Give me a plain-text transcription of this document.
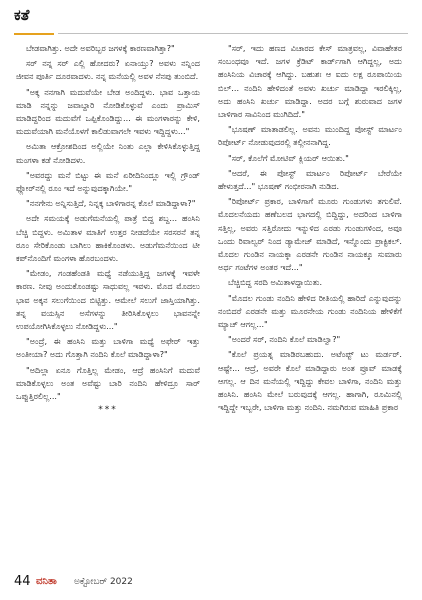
ಕತೆ

ಬೇಡವಾಗಿತ್ತು. ಅದೇ ಅವರಿಬ್ಬರ ಜಗಳಕ್ಕೆ ಕಾರಣವಾಗಿತ್ತಾ?"

ಸರ್ ನನ್ನ ಸರ್ ಎಲ್ಲಿ ಹೋದರು? ಏನಾಯ್ತು? ಅವಳು ನನ್ನಿಂದ ಜೀವನ ಪೂರ್ತಿ ದೂರವಾದಳು. ನನ್ನ ಮನೆಯಲ್ಲಿ ಅವಳ ನೆನಪು ತುಂಬಿದೆ.

"ಅಕ್ಕ ನನಗಾಗಿ ಮದುವೆಯೇ ಬೇಡ ಅಂದಿದ್ದಳು. ಭಾವ ಒತ್ತಾಯ ಮಾಡಿ ನನ್ನನ್ನು ಜವಾಬ್ದಾರಿ ನೋಡಿಕೊಳ್ಳುವೆ ಎಂದು ಪ್ರಾಮಿಸ್ ಮಾಡಿದ್ದರಿಂದ ಮದುವೆಗೆ ಒಪ್ಪಿಕೊಂಡಿದ್ದು... ಈ ಮಂಗಳಾರನ್ನು ಕೇಳಿ, ಮದುವೆಯಾಗಿ ಮನೆಯೊಳಗೆ ಕಾಲಿಡುವಾಗಲೇ ಇವಳು ಇದ್ದಿದ್ದಳು..."

ಅಮಿತಾ ಆಕ್ರೋಶದಿಂದ ಅಲ್ಲಿಯೇ ನಿಂತು ಎಲ್ಲಾ ಕೇಳಿಸಿಕೊಳ್ಳುತ್ತಿದ್ದ ಮಂಗಳಾ ಕಡೆ ನೋಡಿದಳು.

"ಅವರದ್ದು ಮನೆ ಬಿಟ್ಟು ಈ ಮನೆ ಏರೀದಿನಿಂದ್ಲೂ ಇಲ್ಲಿ ಗ್ರೌಂಡ್ ಫ್ಲೋರ್‌ನಲ್ಲಿ ರೂಂ ಇದೆ ಅನ್ನುವುದಕ್ಕಾಗಿಯೇ."

"ನನಗೇನು ಅನ್ನಿಸುತ್ತಿದೆ, ನಿನ್ನಕ್ಕ ಬಾಳಿಗಾರನ್ನ ಕೊಲೆ ಮಾಡಿದ್ದಾಳಾ?"

ಅದೇ ಸಮಯಕ್ಕೆ ಅಡುಗೆಮನೆಯಲ್ಲಿ ಪಾತ್ರೆ ಬಿದ್ದ ಶಬ್ದ... ಹಂಸಿನಿ ಬೆಚ್ಚಿ ಬಿದ್ದಳು. ಅಮಿತಾಳ ಮಾತಿಗೆ ಉತ್ತರ ನೀಡದೆಯೇ ಸರಸರನೆ ತನ್ನ ರೂಂ ಸೇರಿಕೊಂಡು ಬಾಗಿಲು ಹಾಕಿಕೊಂಡಳು. ಅಡುಗೆಮನೆಯಿಂದ ಟೀ ಕಪ್‌ನೊಂದಿಗೆ ಮಂಗಳಾ ಹೊರಬಂದಳು.

"ಮೇಡಂ, ಗಂಡಹೆಂಡತಿ ಮಧ್ಯೆ ನಡೆಯುತ್ತಿದ್ದ ಜಗಳಕ್ಕೆ ಇವಳೇ ಕಾರಣ. ನೀವು ಅಂದುಕೊಂಡಷ್ಟು ಸಾಧುವಲ್ಲ ಇವಳು. ಮೊದ ಮೊದಲು ಭಾವ ಅಕ್ಕನ ಸಲುಗೆಯಿಂದ ಬಿಟ್ಟಿತ್ತು. ಆಮೇಲೆ ಸಲುಗೆ ಜಾಸ್ತಿಯಾಗಿತ್ತು. ತನ್ನ ವಯಸ್ಸಿನ ಅಸೆಗಳನ್ನು ತೀರಿಸಿಕೊಳ್ಳಲು ಭಾವನನ್ನೇ ಉಪಯೋಗಿಸಿಕೊಳ್ಳಲು ನೋಡಿದ್ದಳು..."

"ಅಂದ್ರೆ, ಈ ಹಂಸಿನಿ ಮತ್ತು ಬಾಳಿಗಾ ಮಧ್ಯೆ ಅಫೇರ್ ಇತ್ತು ಅಂತೀಯಾ? ಅದು ಗೊತ್ತಾಗಿ ನಂದಿನಿ ಕೊಲೆ ಮಾಡಿದ್ದಾಳಾ?"

"ಅದಿಲ್ಲಾ ಏನೂ ಗೊತ್ತಿಲ್ಲ ಮೇಡಂ, ಆದ್ರೆ ಹಂಸಿನಿಗೆ ಮದುವೆ ಮಾಡಿಕೊಳ್ಳಲು ಅಂತ ಅವೆಷ್ಟು ಬಾರಿ ನಂದಿನಿ ಹೇಳಿದ್ರೂ ಸಾರ್ ಒಪ್ಪುತ್ತಿರಲಿಲ್ಲ..."

***

"ಸರ್, ಇದು ಹಣದ ವಿಚಾರದ ಕೇಸ್ ಮಾತ್ರವಲ್ಲ, ವಿವಾಹೇತರ ಸಂಬಂಧವೂ ಇದೆ. ಜಗಳ ಕ್ರೆಡಿಟ್ ಕಾರ್ಡ್‌ಗಾಗಿ ಆಗಿದ್ದಲ್ಲ, ಅದು ಹಂಸಿನಿಯ ವಿಚಾರಕ್ಕೆ ಆಗಿದ್ದು. ಬಹುಶಃ ಆ ಐದು ಲಕ್ಷ ರೂಪಾಯಿಯ ಬಿಲ್... ನಂದಿನಿ ಹೇಳಿದಂತೆ ಅವಳು ಖರ್ಚು ಮಾಡಿದ್ದಾ ಇರಲಿಕ್ಕಿಲ್ಲ, ಅದು ಹಂಸಿನಿ ಖರ್ಚು ಮಾಡಿದ್ದಾ. ಅದರ ಬಗ್ಗೆ ಶುರುವಾದ ಜಗಳ ಬಾಳಿಗಾರ ಸಾವಿನಿಂದ ಮುಗಿದಿದೆ."

"ಭೂಷಣ್ ಮಾತಾಡಲಿಲ್ಲ. ಅವನು ಮುಂದಿದ್ದ ಪೋಸ್ಟ್ ಮಾರ್ಟಂ ರಿಪೋರ್ಟ್ ನೋಡುವುದರಲ್ಲಿ ತಲ್ಲೀನನಾಗಿದ್ದ.

"ಸರ್, ಕೊಲೆಗೆ ಮೋಟಿವ್ ಕ್ಲಿಯರ್ ಆಯಿತು."

"ಅದರೆ, ಈ ಪೋಸ್ಟ್ ಮಾರ್ಟಂ ರಿಪೋರ್ಟ್ ಬೇರೆಯೇ ಹೇಳುತ್ತದೆ..." ಭೂಷಣ್ ಗಂಭೀರನಾಗಿ ನುಡಿದ.

"ರಿಪೋರ್ಟ್ ಪ್ರಕಾರ, ಬಾಳಿಗಾಗೆ ಮೂರು ಗುಂಡುಗಳು ತಗುಲಿವೆ. ಮೊದಲನೆಯದು ಹಣೆಬಲದ ಭಾಗದಲ್ಲಿ ಬಿದ್ದಿದ್ದು, ಅದರಿಂದ ಬಾಳಿಗಾ ಸತ್ತಿಲ್ಲ, ಅವರು ಸತ್ತಿರೋದು ಇನ್ನುಳಿದ ಎರಡು ಗುಂಡುಗಳಿಂದ, ಅವೂ ಒಂದು ರಿವಾಲ್ವರ್ ನಿಂದ ಡ್ಯಾಮೇಜ್ ಮಾಡಿದೆ, ಇನ್ನೊಂದು ಪ್ರಾಕ್ಟಿಕಲ್. ಮೊದಲ ಗುಂಡಿನ ನಾಯಕ್ಕಾ ಎರಡನೇ ಗುಂಡಿನ ನಾಯಕ್ಕೂ ಸುಮಾರು ಅರ್ಧ ಗಂಟೆಗಳ ಅಂತರ ಇದೆ..."

ಬೆಚ್ಚಿಬಿದ್ದ ಸರದಿ ಅಮಿತಾಳದ್ದಾಯಿತು.

"ಮೊದಲ ಗುಂಡು ನಂದಿನಿ ಹೇಳಿದ ರೀತಿಯಲ್ಲಿ ಹಾರಿದೆ ಎನ್ನುವುದನ್ನು ನಂಬಿದರೆ ಎರಡನೇ ಮತ್ತು ಮೂರನೇಯ ಗುಂಡು ನಂದಿನಿಯ ಹೇಳಿಕೆಗೆ ಮ್ಯಾಚ್ ಆಗಲ್ಲ..."

"ಅಂದರೆ ಸರ್, ನಂದಿನಿ ಕೊಲೆ ಮಾಡಿಲ್ವಾ?"

"ಕೊಲೆ ಪ್ರಯತ್ನ ಮಾಡಿರಬಹುದು. ಅಟೆಂಪ್ಟ್ ಟು ಮರ್ಡರ್. ಆಷ್ಟೇ... ಆದ್ರೆ, ಅವರೇ ಕೊಲೆ ಮಾಡಿದ್ದಾರು ಅಂತ ಪ್ರೂವ್ ಮಾಡಕ್ಕೆ ಆಗಲ್ಲ. ಆ ದಿನ ಮನೆಯಲ್ಲಿ ಇದ್ದಿದ್ದು ಕೇವಲ ಬಾಳಿಗಾ, ನಂದಿನಿ ಮತ್ತು ಹಂಸಿನಿ. ಹಂಸಿನಿ ಮೇಲೆ ಬರುವುದಕ್ಕೆ ಆಗಲ್ಲ. ಹಾಗಾಗಿ, ರೂಮಿನಲ್ಲಿ ಇದ್ದಿದ್ದೇ ಇಬ್ಬರೇ, ಬಾಳಿಗಾ ಮತ್ತು ನಂದಿನಿ. ನಮಗಿರುವ ಮಾಹಿತಿ ಪ್ರಕಾರ

44 ವನಿತಾ ಅಕ್ಟೋಬರ್ 2022
